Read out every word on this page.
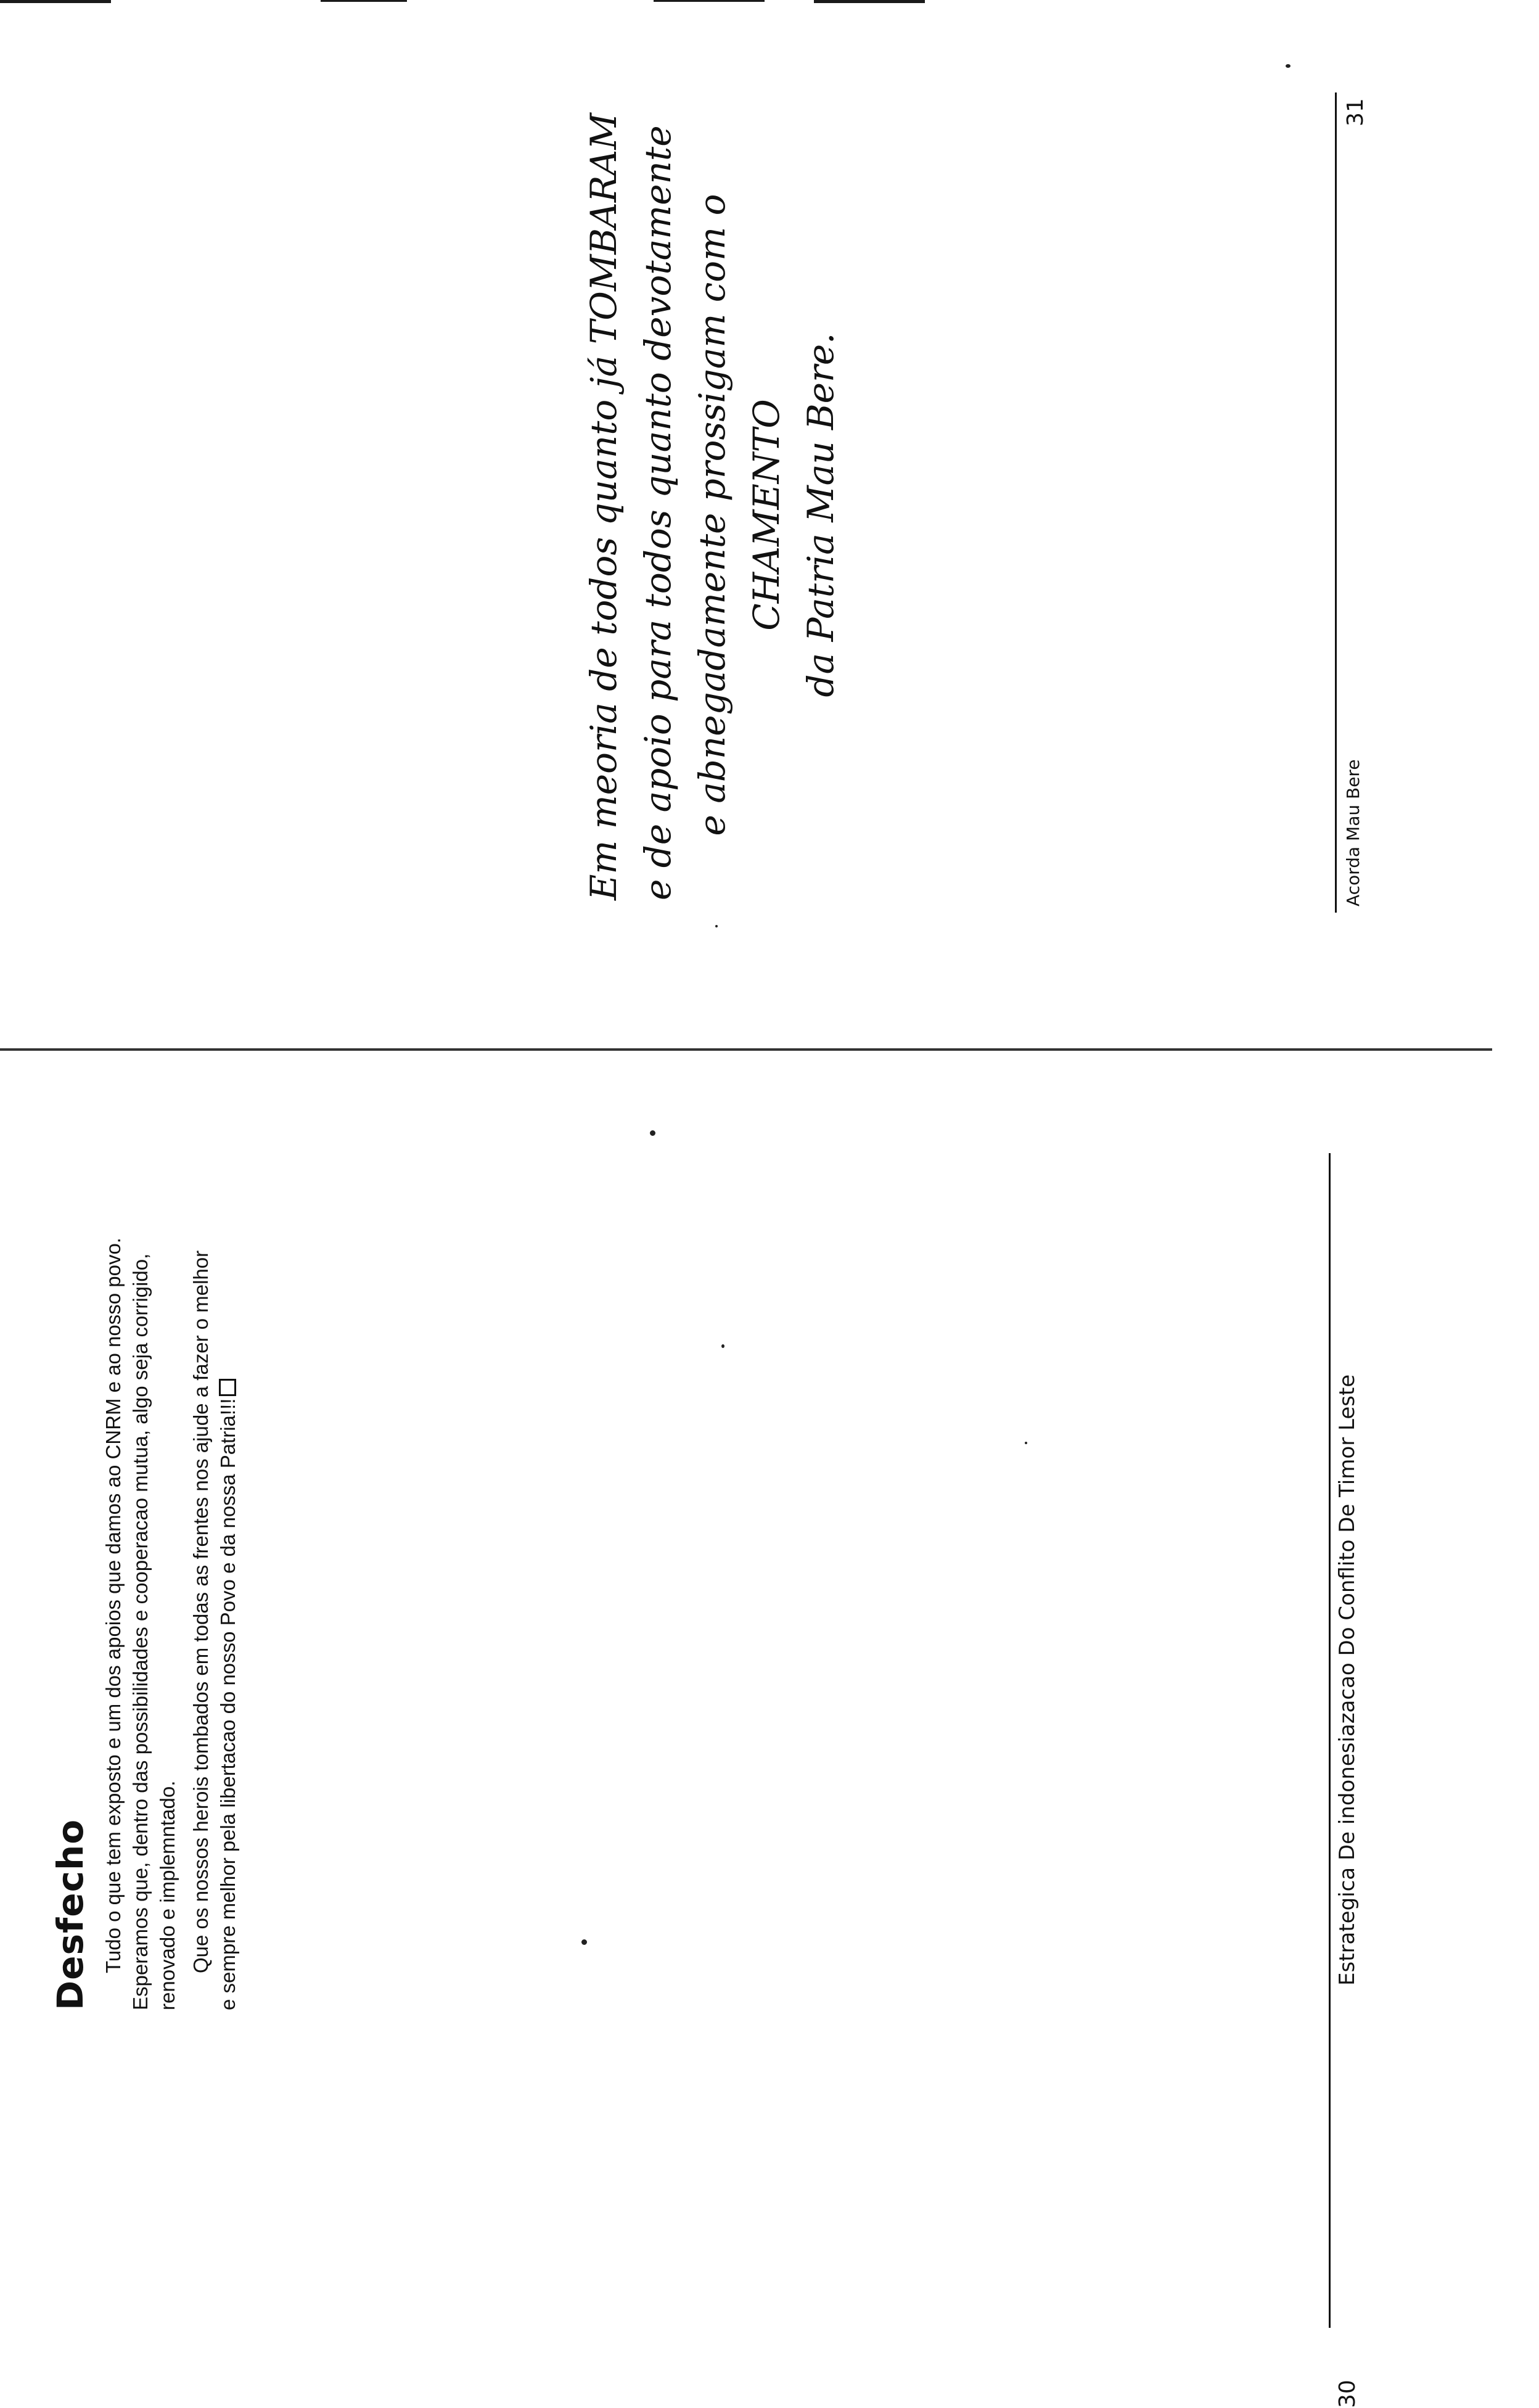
Desfecho Tudo o que tem exposto e um dos apoios que damos ao CNRM e ao nosso povo. Esperamos que, dentro das possibilidades e cooperacao mutua, algo seja corrigido, renovado e implemntado. Que os nossos herois tombados em todas as frentes nos ajude a fazer o melhor e sempre melhor pela libertacao do nosso Povo e da nossa Patria!!!

Em meoria de todos quanto já TOMBARAM e de apoio para todos quanto devotamente e abnegadamente prossigam com o CHAMENTO da Patria Mau Bere.
Estrategica De indonesiazacao Do Conflito De Timor Leste
30
Acorda Mau Bere
31
